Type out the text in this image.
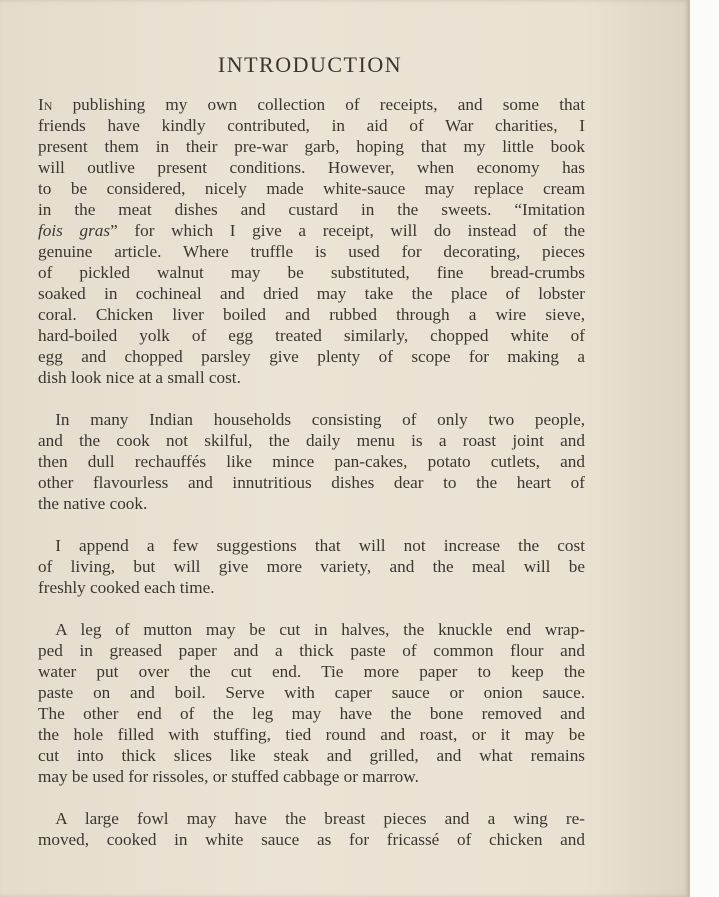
INTRODUCTION
In publishing my own collection of receipts, and some that
friends have kindly contributed, in aid of War charities, I
present them in their pre-war garb, hoping that my little book
will outlive present conditions. However, when economy has
to be considered, nicely made white-sauce may replace cream
in the meat dishes and custard in the sweets. “Imitation
fois gras” for which I give a receipt, will do instead of the
genuine article. Where truffle is used for decorating, pieces
of pickled walnut may be substituted, fine bread-crumbs
soaked in cochineal and dried may take the place of lobster
coral. Chicken liver boiled and rubbed through a wire sieve,
hard-boiled yolk of egg treated similarly, chopped white of
egg and chopped parsley give plenty of scope for making a
dish look nice at a small cost.
 In many Indian households consisting of only two people,
and the cook not skilful, the daily menu is a roast joint and
then dull rechauffés like mince pan-cakes, potato cutlets, and
other flavourless and innutritious dishes dear to the heart of
the native cook.
 I append a few suggestions that will not increase the cost
of living, but will give more variety, and the meal will be
freshly cooked each time.
 A leg of mutton may be cut in halves, the knuckle end wrap-
ped in greased paper and a thick paste of common flour and
water put over the cut end. Tie more paper to keep the
paste on and boil. Serve with caper sauce or onion sauce.
The other end of the leg may have the bone removed and
the hole filled with stuffing, tied round and roast, or it may be
cut into thick slices like steak and grilled, and what remains
may be used for rissoles, or stuffed cabbage or marrow.
 A large fowl may have the breast pieces and a wing re-
moved, cooked in white sauce as for fricassé of chicken and
